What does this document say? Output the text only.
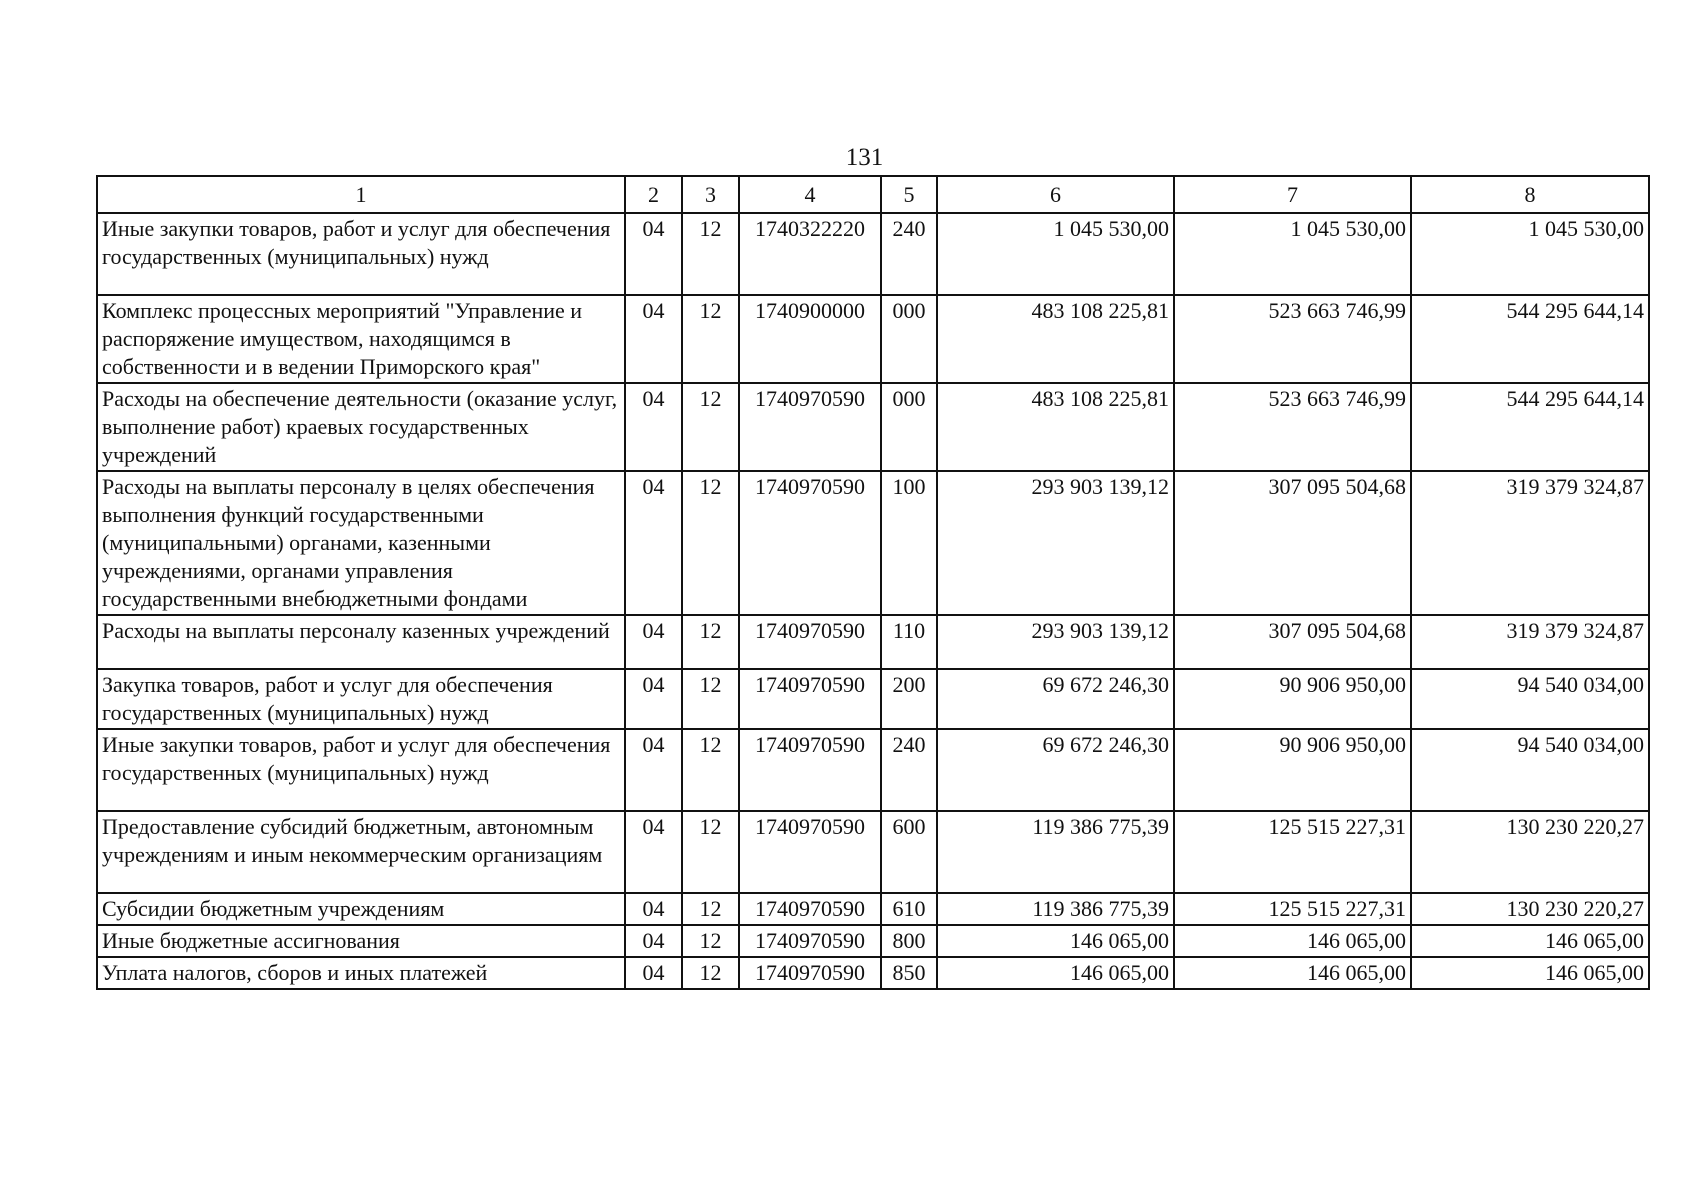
131
1	2	3	4	5	6	7	8
Иные закупки товаров, работ и услуг для обеспечения государственных (муниципальных) нужд	04	12	1740322220	240	1 045 530,00	1 045 530,00	1 045 530,00
Комплекс процессных мероприятий "Управление и распоряжение имуществом, находящимся в собственности и в ведении Приморского края"	04	12	1740900000	000	483 108 225,81	523 663 746,99	544 295 644,14
Расходы на обеспечение деятельности (оказание услуг, выполнение работ) краевых государственных учреждений	04	12	1740970590	000	483 108 225,81	523 663 746,99	544 295 644,14
Расходы на выплаты персоналу в целях обеспечения выполнения функций государственными (муниципальными) органами, казенными учреждениями, органами управления государственными внебюджетными фондами	04	12	1740970590	100	293 903 139,12	307 095 504,68	319 379 324,87
Расходы на выплаты персоналу казенных учреждений	04	12	1740970590	110	293 903 139,12	307 095 504,68	319 379 324,87
Закупка товаров, работ и услуг для обеспечения государственных (муниципальных) нужд	04	12	1740970590	200	69 672 246,30	90 906 950,00	94 540 034,00
Иные закупки товаров, работ и услуг для обеспечения государственных (муниципальных) нужд	04	12	1740970590	240	69 672 246,30	90 906 950,00	94 540 034,00
Предоставление субсидий бюджетным, автономным учреждениям и иным некоммерческим организациям	04	12	1740970590	600	119 386 775,39	125 515 227,31	130 230 220,27
Субсидии бюджетным учреждениям	04	12	1740970590	610	119 386 775,39	125 515 227,31	130 230 220,27
Иные бюджетные ассигнования	04	12	1740970590	800	146 065,00	146 065,00	146 065,00
Уплата налогов, сборов и иных платежей	04	12	1740970590	850	146 065,00	146 065,00	146 065,00
